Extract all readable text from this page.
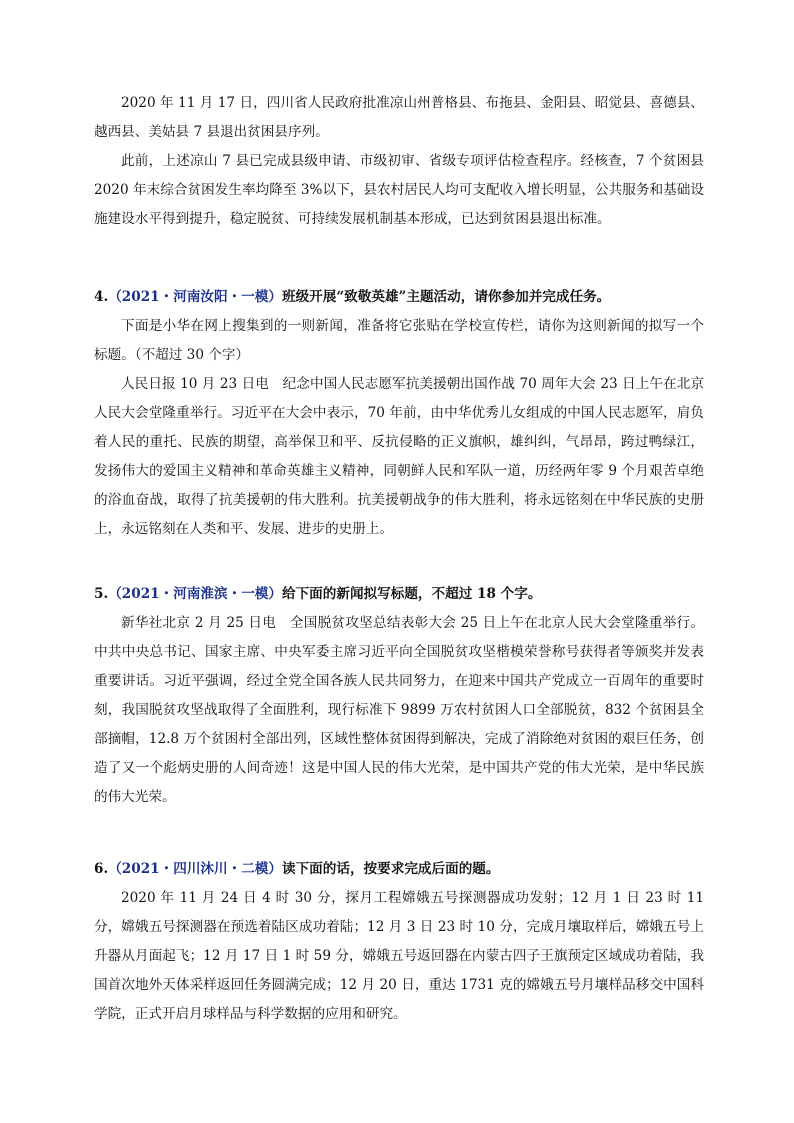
2020 年 11 月 17 日，四川省人民政府批准凉山州普格县、布拖县、金阳县、昭觉县、喜德县、越西县、美姑县 7 县退出贫困县序列。

此前，上述凉山 7 县已完成县级申请、市级初审、省级专项评估检查程序。经核查，7 个贫困县 2020 年末综合贫困发生率均降至 3%以下，县农村居民人均可支配收入增长明显，公共服务和基础设施建设水平得到提升，稳定脱贫、可持续发展机制基本形成，已达到贫困县退出标准。

4.（2021・河南汝阳・一模）班级开展“致敬英雄”主题活动，请你参加并完成任务。

下面是小华在网上搜集到的一则新闻，准备将它张贴在学校宣传栏，请你为这则新闻的拟写一个标题。（不超过 30 个字）

人民日报 10 月 23 日电　纪念中国人民志愿军抗美援朝出国作战 70 周年大会 23 日上午在北京人民大会堂隆重举行。习近平在大会中表示，70 年前，由中华优秀儿女组成的中国人民志愿军，肩负着人民的重托、民族的期望，高举保卫和平、反抗侵略的正义旗帜，雄纠纠，气昂昂，跨过鸭绿江，发扬伟大的爱国主义精神和革命英雄主义精神，同朝鲜人民和军队一道，历经两年零 9 个月艰苦卓绝的浴血奋战，取得了抗美援朝的伟大胜利。抗美援朝战争的伟大胜利，将永远铭刻在中华民族的史册上，永远铭刻在人类和平、发展、进步的史册上。

5.（2021・河南淮滨・一模）给下面的新闻拟写标题，不超过 18 个字。

新华社北京 2 月 25 日电　全国脱贫攻坚总结表彰大会 25 日上午在北京人民大会堂隆重举行。中共中央总书记、国家主席、中央军委主席习近平向全国脱贫攻坚楷模荣誉称号获得者等颁奖并发表重要讲话。习近平强调，经过全党全国各族人民共同努力，在迎来中国共产党成立一百周年的重要时刻，我国脱贫攻坚战取得了全面胜利，现行标准下 9899 万农村贫困人口全部脱贫，832 个贫困县全部摘帽，12.8 万个贫困村全部出列，区域性整体贫困得到解决，完成了消除绝对贫困的艰巨任务，创造了又一个彪炳史册的人间奇迹！这是中国人民的伟大光荣，是中国共产党的伟大光荣，是中华民族的伟大光荣。

6.（2021・四川沐川・二模）读下面的话，按要求完成后面的题。

2020 年 11 月 24 日 4 时 30 分，探月工程嫦娥五号探测器成功发射；12 月 1 日 23 时 11 分，嫦娥五号探测器在预选着陆区成功着陆；12 月 3 日 23 时 10 分，完成月壤取样后，嫦娥五号上升器从月面起飞；12 月 17 日 1 时 59 分，嫦娥五号返回器在内蒙古四子王旗预定区域成功着陆，我国首次地外天体采样返回任务圆满完成；12 月 20 日，重达 1731 克的嫦娥五号月壤样品移交中国科学院，正式开启月球样品与科学数据的应用和研究。
